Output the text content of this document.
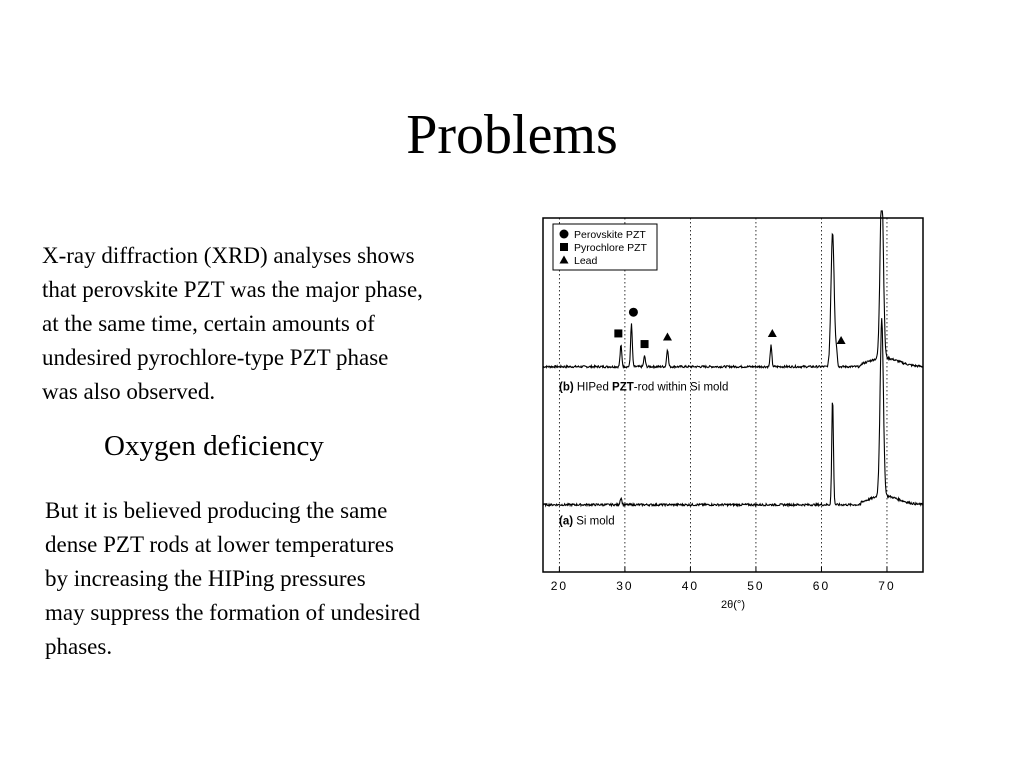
Problems
X-ray diffraction (XRD) analyses shows
that perovskite PZT was the major phase,
at the same time, certain amounts of
undesired pyrochlore-type PZT phase
was also observed.
Oxygen deficiency
But it is believed producing the same
dense PZT rods at lower temperatures
by increasing the HIPing pressures
may suppress the formation of undesired
phases.
20	30	40	50	60	70
2θ(°)
(b) HIPed PZT-rod within Si mold
(a) Si mold
Perovskite PZT
Pyrochlore PZT
Lead
